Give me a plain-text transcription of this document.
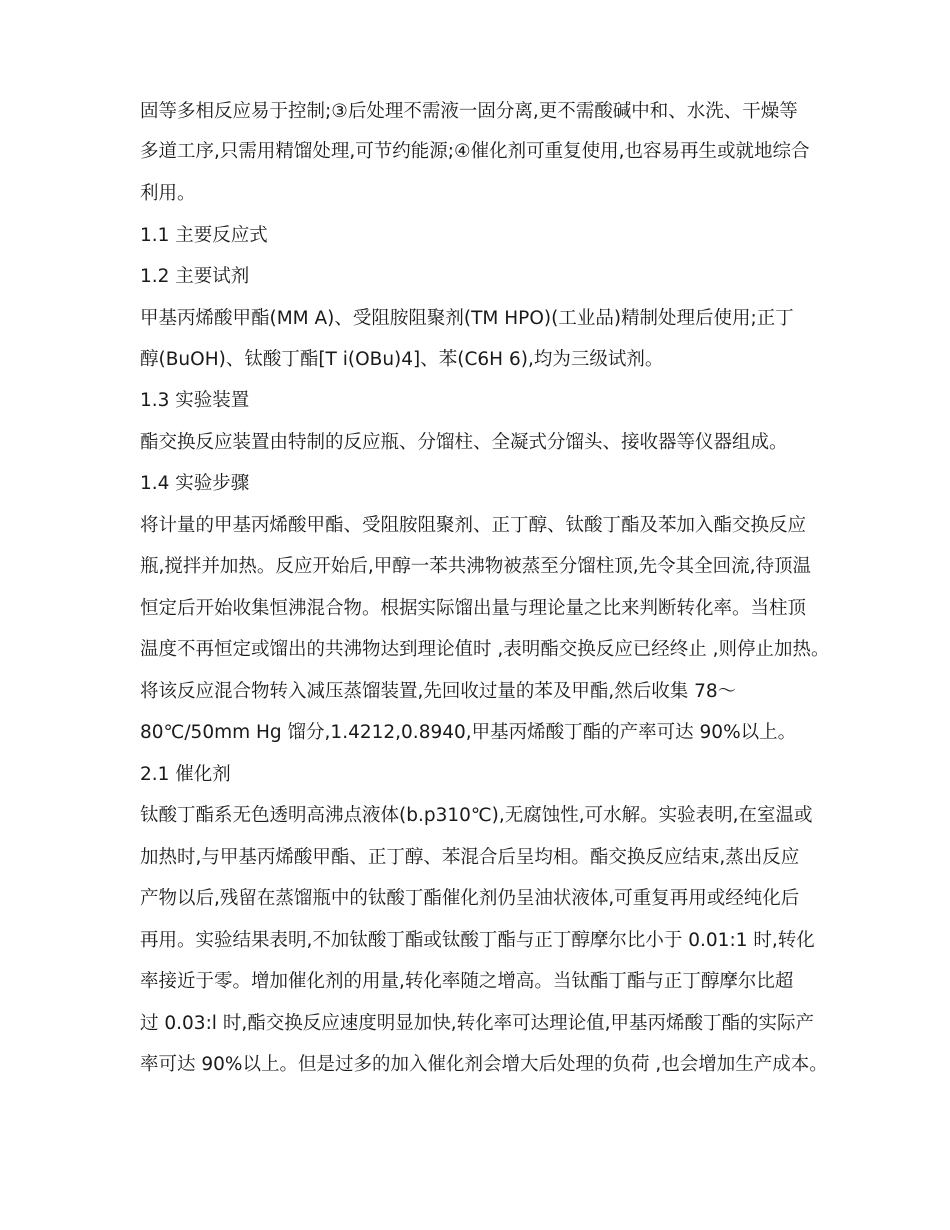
固等多相反应易于控制;③后处理不需液一固分离,更不需酸碱中和、水洗、干燥等

多道工序,只需用精馏处理,可节约能源;④催化剂可重复使用,也容易再生或就地综合

利用。

1.1 主要反应式

1.2 主要试剂

甲基丙烯酸甲酯(MM A)、受阻胺阻聚剂(TM HPO)(工业品)精制处理后使用;正丁

醇(BuOH)、钛酸丁酯[T i(OBu)4]、苯(C6H 6),均为三级试剂。

1.3 实验装置

酯交换反应装置由特制的反应瓶、分馏柱、全凝式分馏头、接收器等仪器组成。

1.4 实验步骤

将计量的甲基丙烯酸甲酯、受阻胺阻聚剂、正丁醇、钛酸丁酯及苯加入酯交换反应

瓶,搅拌并加热。反应开始后,甲醇一苯共沸物被蒸至分馏柱顶,先令其全回流,待顶温

恒定后开始收集恒沸混合物。根据实际馏出量与理论量之比来判断转化率。当柱顶

温度不再恒定或馏出的共沸物达到理论值时 ,表明酯交换反应已经终止 ,则停止加热。

将该反应混合物转入减压蒸馏装置,先回收过量的苯及甲酯,然后收集 78～

80℃/50mm Hg 馏分,1.4212,0.8940,甲基丙烯酸丁酯的产率可达 90%以上。

2.1 催化剂

钛酸丁酯系无色透明高沸点液体(b.p310℃),无腐蚀性,可水解。实验表明,在室温或

加热时,与甲基丙烯酸甲酯、正丁醇、苯混合后呈均相。酯交换反应结束,蒸出反应

产物以后,残留在蒸馏瓶中的钛酸丁酯催化剂仍呈油状液体,可重复再用或经纯化后

再用。实验结果表明,不加钛酸丁酯或钛酸丁酯与正丁醇摩尔比小于 0.01:1 时,转化

率接近于零。增加催化剂的用量,转化率随之增高。当钛酯丁酯与正丁醇摩尔比超

过 0.03:l 时,酯交换反应速度明显加快,转化率可达理论值,甲基丙烯酸丁酯的实际产

率可达 90%以上。但是过多的加入催化剂会增大后处理的负荷 ,也会增加生产成本。
